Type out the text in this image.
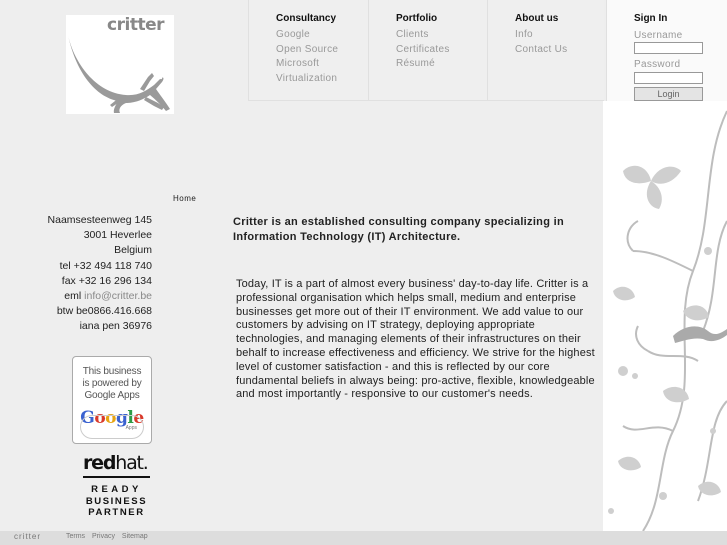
critter	Consultancy
Google
Open Source
Microsoft
Virtualization
Portfolio
Clients
Certificates
Résumé
About us
Info
Contact Us
Sign In
Username
Password
Login
Home
Naamsesteenweg 145
3001 Heverlee
Belgium
tel +32 494 118 740
fax +32 16 296 134
eml info@critter.be
btw be0866.416.668
iana pen 36976
This business
is powered by
Google Apps
Google
Apps
redhat.
READY
BUSINESS
PARTNER
Critter is an established consulting company specializing in Information Technology (IT) Architecture.
Today, IT is a part of almost every business' day-to-day life. Critter is a professional organisation which helps small, medium and enterprise businesses get more out of their IT environment. We add value to our customers by advising on IT strategy, deploying appropriate technologies, and managing elements of their infrastructures on their behalf to increase effectiveness and efficiency. We strive for the highest level of customer satisfaction - and this is reflected by our core fundamental beliefs in always being: pro-active, flexible, knowledgeable and most importantly - responsive to our customer's needs.
critter	Terms Privacy Sitemap
